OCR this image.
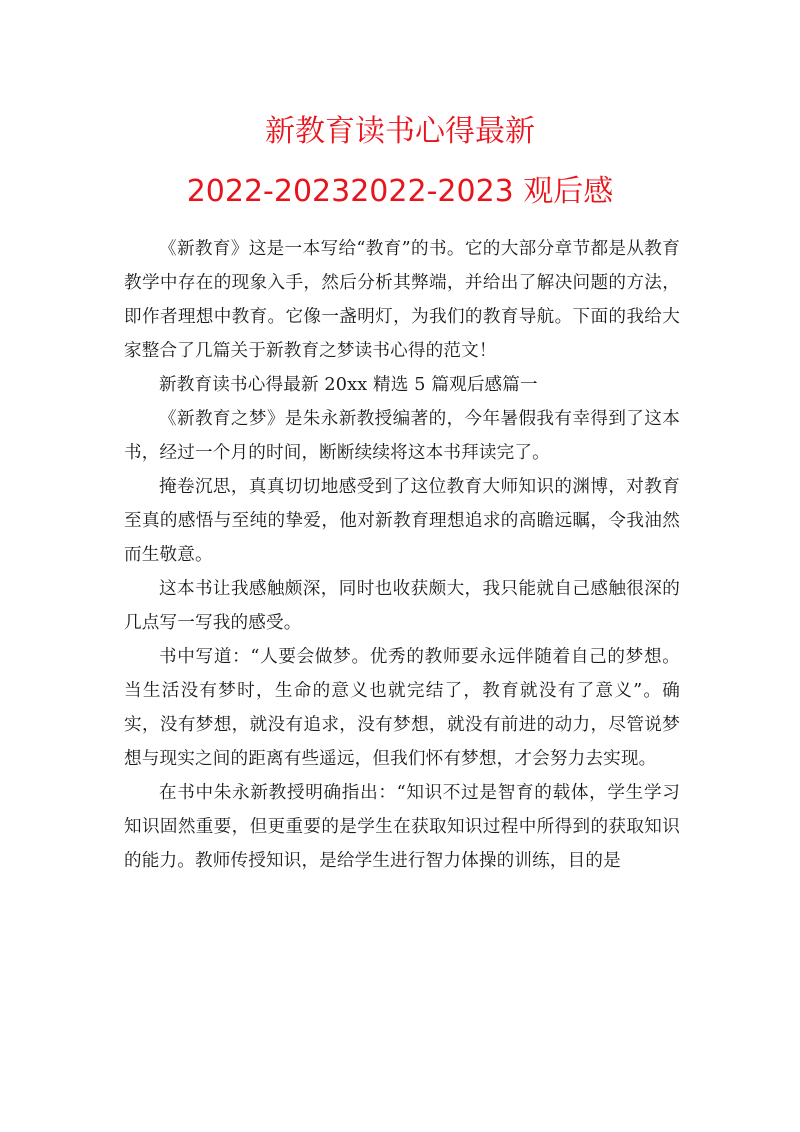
新教育读书心得最新
2022-20232022-2023 观后感

《新教育》这是一本写给“教育”的书。它的大部分章节都是从教育教学中存在的现象入手，然后分析其弊端，并给出了解决问题的方法，即作者理想中教育。它像一盏明灯，为我们的教育导航。下面的我给大家整合了几篇关于新教育之梦读书心得的范文！

新教育读书心得最新 20xx 精选 5 篇观后感篇一

《新教育之梦》是朱永新教授编著的，今年暑假我有幸得到了这本书，经过一个月的时间，断断续续将这本书拜读完了。

掩卷沉思，真真切切地感受到了这位教育大师知识的渊博，对教育至真的感悟与至纯的挚爱，他对新教育理想追求的高瞻远瞩，令我油然而生敬意。

这本书让我感触颇深，同时也收获颇大，我只能就自己感触很深的几点写一写我的感受。

书中写道：“人要会做梦。优秀的教师要永远伴随着自己的梦想。当生活没有梦时，生命的意义也就完结了，教育就没有了意义”。确实，没有梦想，就没有追求，没有梦想，就没有前进的动力，尽管说梦想与现实之间的距离有些遥远，但我们怀有梦想，才会努力去实现。

在书中朱永新教授明确指出：“知识不过是智育的载体，学生学习知识固然重要，但更重要的是学生在获取知识过程中所得到的获取知识的能力。教师传授知识，是给学生进行智力体操的训练，目的是
